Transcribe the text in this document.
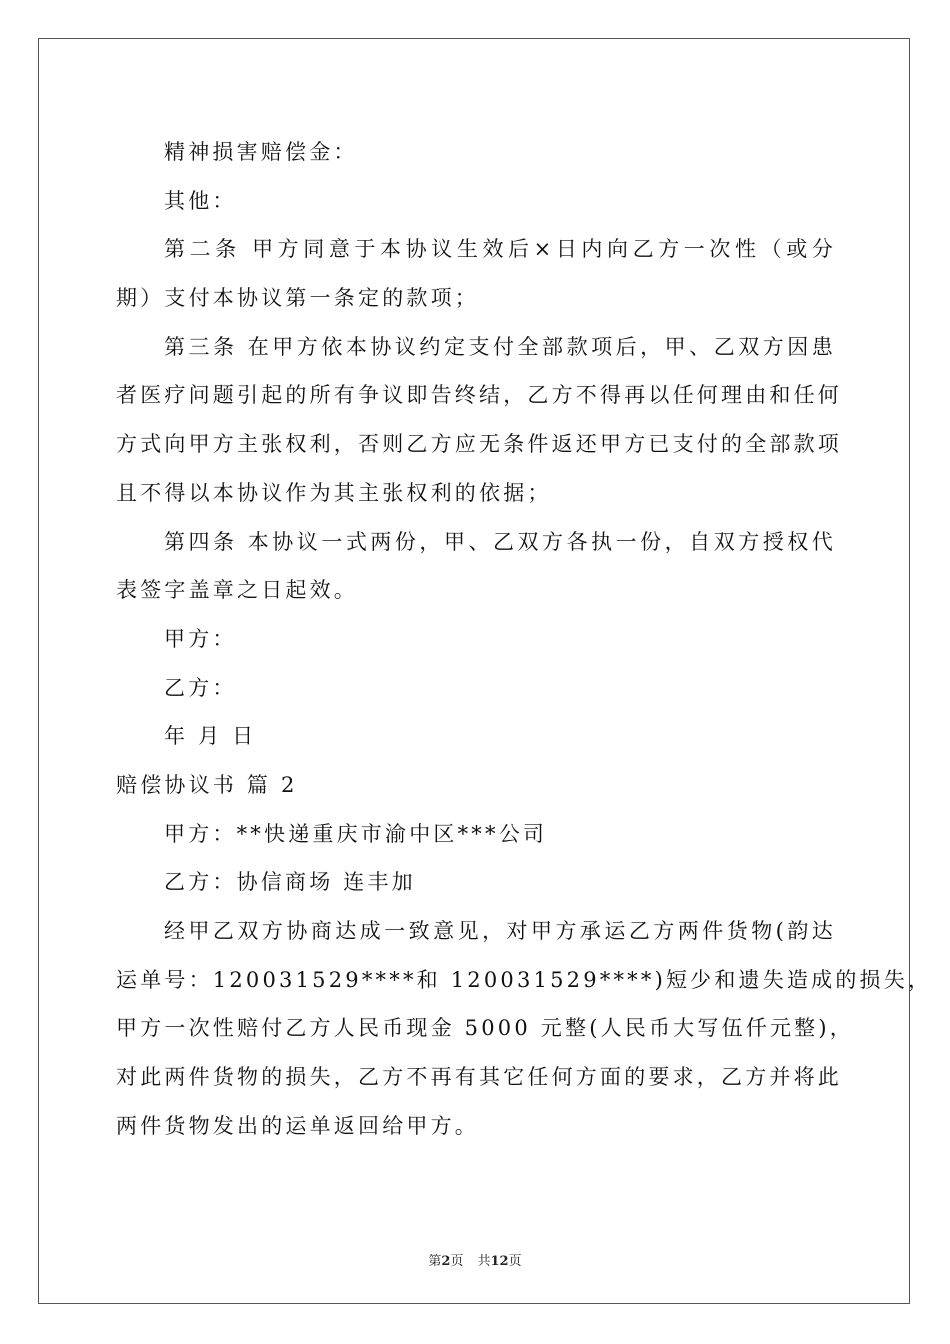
精神损害赔偿金：
其他：
第二条 甲方同意于本协议生效后×日内向乙方一次性（或分
期）支付本协议第一条定的款项；
第三条 在甲方依本协议约定支付全部款项后，甲、乙双方因患
者医疗问题引起的所有争议即告终结，乙方不得再以任何理由和任何
方式向甲方主张权利，否则乙方应无条件返还甲方已支付的全部款项
且不得以本协议作为其主张权利的依据；
第四条 本协议一式两份，甲、乙双方各执一份，自双方授权代
表签字盖章之日起效。
甲方：
乙方：
年 月 日
赔偿协议书 篇 2
甲方：**快递重庆市渝中区***公司
乙方：协信商场 连丰加
经甲乙双方协商达成一致意见，对甲方承运乙方两件货物(韵达
运单号：120031529****和 120031529****)短少和遗失造成的损失，
甲方一次性赔付乙方人民币现金 5000 元整(人民币大写伍仟元整)，
对此两件货物的损失，乙方不再有其它任何方面的要求，乙方并将此
两件货物发出的运单返回给甲方。
第2页 共12页
